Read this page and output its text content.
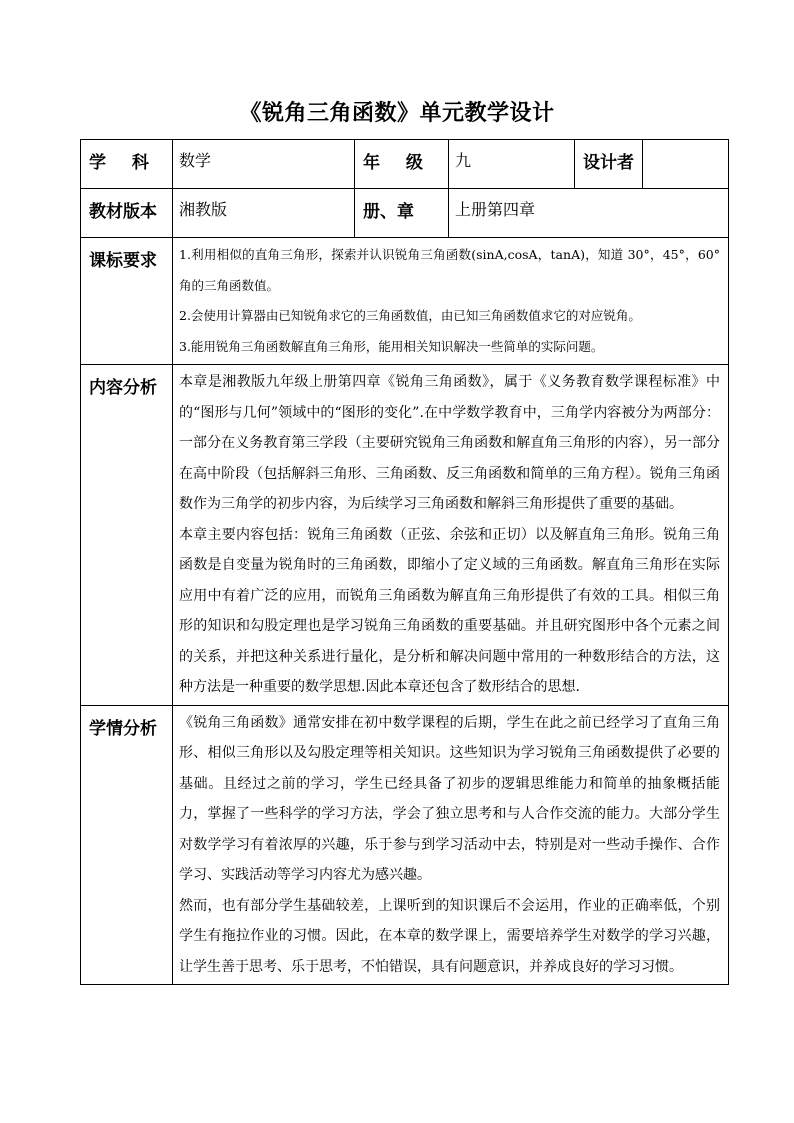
《锐角三角函数》单元教学设计
学 科	数学	年 级	九	设计者	
教材版本	湘教版	册、章	上册第四章		
课标要求	1.利用相似的直角三角形，探索并认识锐角三角函数(sinA,cosA，tanA)，知道 30°，45°，60°角的三角函数值。

2.会使用计算器由已知锐角求它的三角函数值，由已知三角函数值求它的对应锐角。

3.能用锐角三角函数解直角三角形，能用相关知识解决一些简单的实际问题。				

内容分析	本章是湘教版九年级上册第四章《锐角三角函数》，属于《义务教育数学课程标准》中的“图形与几何”领域中的“图形的变化”.在中学数学教育中，三角学内容被分为两部分：一部分在义务教育第三学段（主要研究锐角三角函数和解直角三角形的内容），另一部分在高中阶段（包括解斜三角形、三角函数、反三角函数和简单的三角方程）。锐角三角函数作为三角学的初步内容，为后续学习三角函数和解斜三角形提供了重要的基础。

本章主要内容包括：锐角三角函数（正弦、余弦和正切）以及解直角三角形。锐角三角函数是自变量为锐角时的三角函数，即缩小了定义域的三角函数。解直角三角形在实际应用中有着广泛的应用，而锐角三角函数为解直角三角形提供了有效的工具。相似三角形的知识和勾股定理也是学习锐角三角函数的重要基础。并且研究图形中各个元素之间的关系，并把这种关系进行量化，是分析和解决问题中常用的一种数形结合的方法，这种方法是一种重要的数学思想.因此本章还包含了数形结合的思想.				

学情分析	《锐角三角函数》通常安排在初中数学课程的后期，学生在此之前已经学习了直角三角形、相似三角形以及勾股定理等相关知识。这些知识为学习锐角三角函数提供了必要的基础。且经过之前的学习，学生已经具备了初步的逻辑思维能力和简单的抽象概括能力，掌握了一些科学的学习方法，学会了独立思考和与人合作交流的能力。大部分学生对数学学习有着浓厚的兴趣，乐于参与到学习活动中去，特别是对一些动手操作、合作学习、实践活动等学习内容尤为感兴趣。

然而，也有部分学生基础较差，上课听到的知识课后不会运用，作业的正确率低，个别学生有拖拉作业的习惯。因此，在本章的数学课上，需要培养学生对数学的学习兴趣，让学生善于思考、乐于思考，不怕错误，具有问题意识，并养成良好的学习习惯。				
